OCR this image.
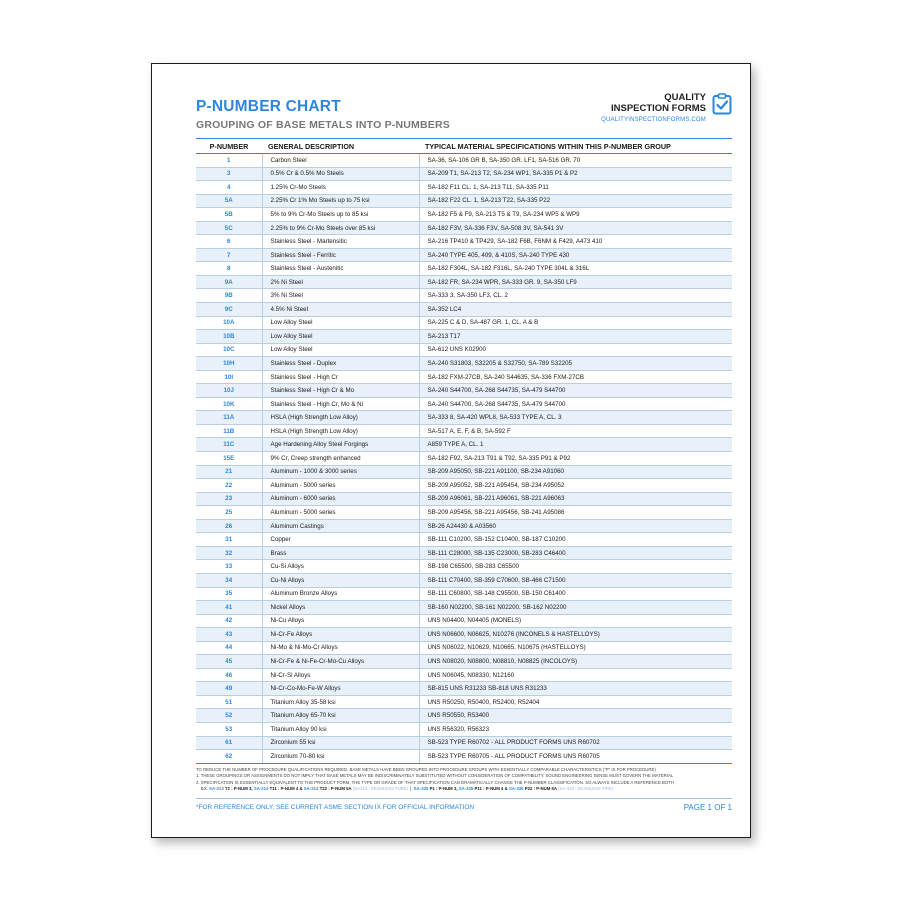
P-NUMBER CHART
GROUPING OF BASE METALS INTO P-NUMBERS
QUALITY
INSPECTION FORMS
QUALITYINSPECTIONFORMS.COM
P-NUMBER	GENERAL DESCRIPTION	TYPICAL MATERIAL SPECIFICATIONS WITHIN THIS P-NUMBER GROUP
1	Carbon Steel	SA-36, SA-106 GR B, SA-350 GR. LF1, SA-516 GR. 70
3	0.5% Cr & 0.5% Mo Steels	SA-209 T1, SA-213 T2, SA-234 WP1, SA-335 P1 & P2
4	1.25% Cr-Mo Steels	SA-182 F11 CL. 1, SA-213 T11, SA-335 P11
5A	2.25% Cr 1% Mo Steels up to 75 ksi	SA-182 F22 CL. 1, SA-213 T22, SA-335 P22
5B	5% to 9% Cr-Mo Steels up to 85 ksi	SA-182 F5 & F9, SA-213 T5 & T9, SA-234 WP5 & WP9
5C	2.25% to 9% Cr-Mo Steels over 85 ksi	SA-182 F3V, SA-336 F3V, SA-508 3V, SA-541 3V
6	Stainless Steel - Martensitic	SA-216 TP410 & TP429, SA-182 F6B, F6NM & F429, A473 410
7	Stainless Steel - Ferritic	SA-240 TYPE 405, 409, & 410S, SA-240 TYPE 430
8	Stainless Steel - Austenitic	SA-182 F304L, SA-182 F316L, SA-240 TYPE 304L & 316L
9A	2% Ni Steel	SA-182 FR, SA-234 WPR, SA-333 GR. 9, SA-350 LF9
9B	3% Ni Steel	SA-333 3, SA-350 LF3, CL. 2
9C	4.5% Ni Steel	SA-352 LC4
10A	Low Alloy Steel	SA-225 C & D, SA-487 GR. 1, CL. A & B
10B	Low Alloy Steel	SA-213 T17
10C	Low Alloy Steel	SA-612 UNS K02900
10H	Stainless Steel - Duplex	SA-240 S31803, S32205 & S32750, SA-789 S32205
10I	Stainless Steel - High Cr	SA-182 FXM-27CB, SA-240 S44635, SA-336 FXM-27CB
10J	Stainless Steel - High Cr & Mo	SA-240 S44700, SA-268 S44735, SA-479 S44700
10K	Stainless Steel - High Cr, Mo & Ni	SA-240 S44700, SA-268 S44735, SA-479 S44700
11A	HSLA (High Strength Low Alloy)	SA-333 8, SA-420 WPL8, SA-533 TYPE A, CL. 3
11B	HSLA (High Strength Low Alloy)	SA-517 A, E, F, & B, SA-592 F
11C	Age Hardening Alloy Steel Forgings	A859 TYPE A, CL. 1
15E	9% Cr, Creep strength enhanced	SA-182 F92, SA-213 T91 & T92, SA-335 P91 & P92
21	Aluminum - 1000 & 3000 series	SB-209 A95050, SB-221 A91100, SB-234 A91060
22	Aluminum - 5000 series	SB-209 A95052, SB-221 A95454, SB-234 A95052
23	Aluminum - 6000 series	SB-209 A96061, SB-221 A96061, SB-221 A96063
25	Aluminum - 5000 series	SB-209 A95456, SB-221 A95456, SB-241 A95086
26	Aluminum Castings	SB-26 A24430 & A03560
31	Copper	SB-111 C10200, SB-152 C10400, SB-187 C10200
32	Brass	SB-111 C28000, SB-135 C23000, SB-283 C46400
33	Cu-Si Alloys	SB-198 C65500, SB-283 C65500
34	Cu-Ni Alloys	SB-111 C70400, SB-359 C70600, SB-466 C71500
35	Aluminum Bronze Alloys	SB-111 C60800, SB-148 C95500, SB-150 C61400
41	Nickel Alloys	SB-160 N02200, SB-161 N02200, SB-162 N02200
42	Ni-Cu Alloys	UNS N04400, N04405 (MONELS)
43	Ni-Cr-Fe Alloys	UNS N06600, N06625, N10276 (INCONELS & HASTELLOYS)
44	Ni-Mo & Ni-Mo-Cr Alloys	UNS N06022, N10629, N10665, N10675 (HASTELLOYS)
45	Ni-Cr-Fe & Ni-Fe-Cr-Mo-Cu Alloys	UNS N08020, N08800, N08810, N08825 (INCOLOYS)
46	Ni-Cr-Si Alloys	UNS N06045, N08330, N12160
49	Ni-Cr-Co-Mo-Fe-W Alloys	SB-815 UNS R31233 SB-818 UNS R31233
51	Titanium Alloy 35-58 ksi	UNS R50250, R50400, R52400, R52404
52	Titanium Alloy 65-70 ksi	UNS R50550, R53400
53	Titanium Alloy 90 ksi	UNS R56320, R56323
61	Zirconium 55 ksi	SB-523 TYPE R60702 - ALL PRODUCT FORMS UNS R60702
62	Zirconium 70-80 ksi	SB-523 TYPE R60705 - ALL PRODUCT FORMS UNS R60705
TO REDUCE THE NUMBER OF PROCEDURE QUALIFICATIONS REQUIRED, BASE METALS HAVE BEEN GROUPED INTO PROCEDURE GROUPS WITH ESSENTIALLY COMPARABLE CHARACTERISTICS ("P" IS FOR PROCEDURE)
1. THESE GROUPINGS OR ASSIGNMENTS DO NOT IMPLY THAT BASE METALS MAY BE INDISCRIMINATELY SUBSTITUTED WITHOUT CONSIDERATION OF COMPATIBILITY. SOUND ENGINEERING SENSE MUST GOVERN THE MATERIAL
2. SPECIFICATION IS ESSENTIALLY EQUIVALENT TO THE PRODUCT FORM, THE TYPE OR GRADE OF THAT SPECIFICATION CAN DRAMATICALLY CHANGE THE P-NUMBER CLASSIFICATION. SO ALWAYS INCLUDE A REFERENCE BOTH
EX. SA-213 T2 : P-NUM 3, SA-213 T11 : P-NUM 4 & SA-213 T22 : P-NUM 5A (SA213 : SEAMLESS TUBE) | SA-335 P1 : P-NUM 3, SA-335 P11 : P-NUM 4 & SA-335 P22 : P-NUM 5A (SA-335 : SEAMLESS PIPE)
*FOR REFERENCE ONLY, SEE CURRENT ASME SECTION IX FOR OFFICIAL INFORMATION	PAGE 1 OF 1
